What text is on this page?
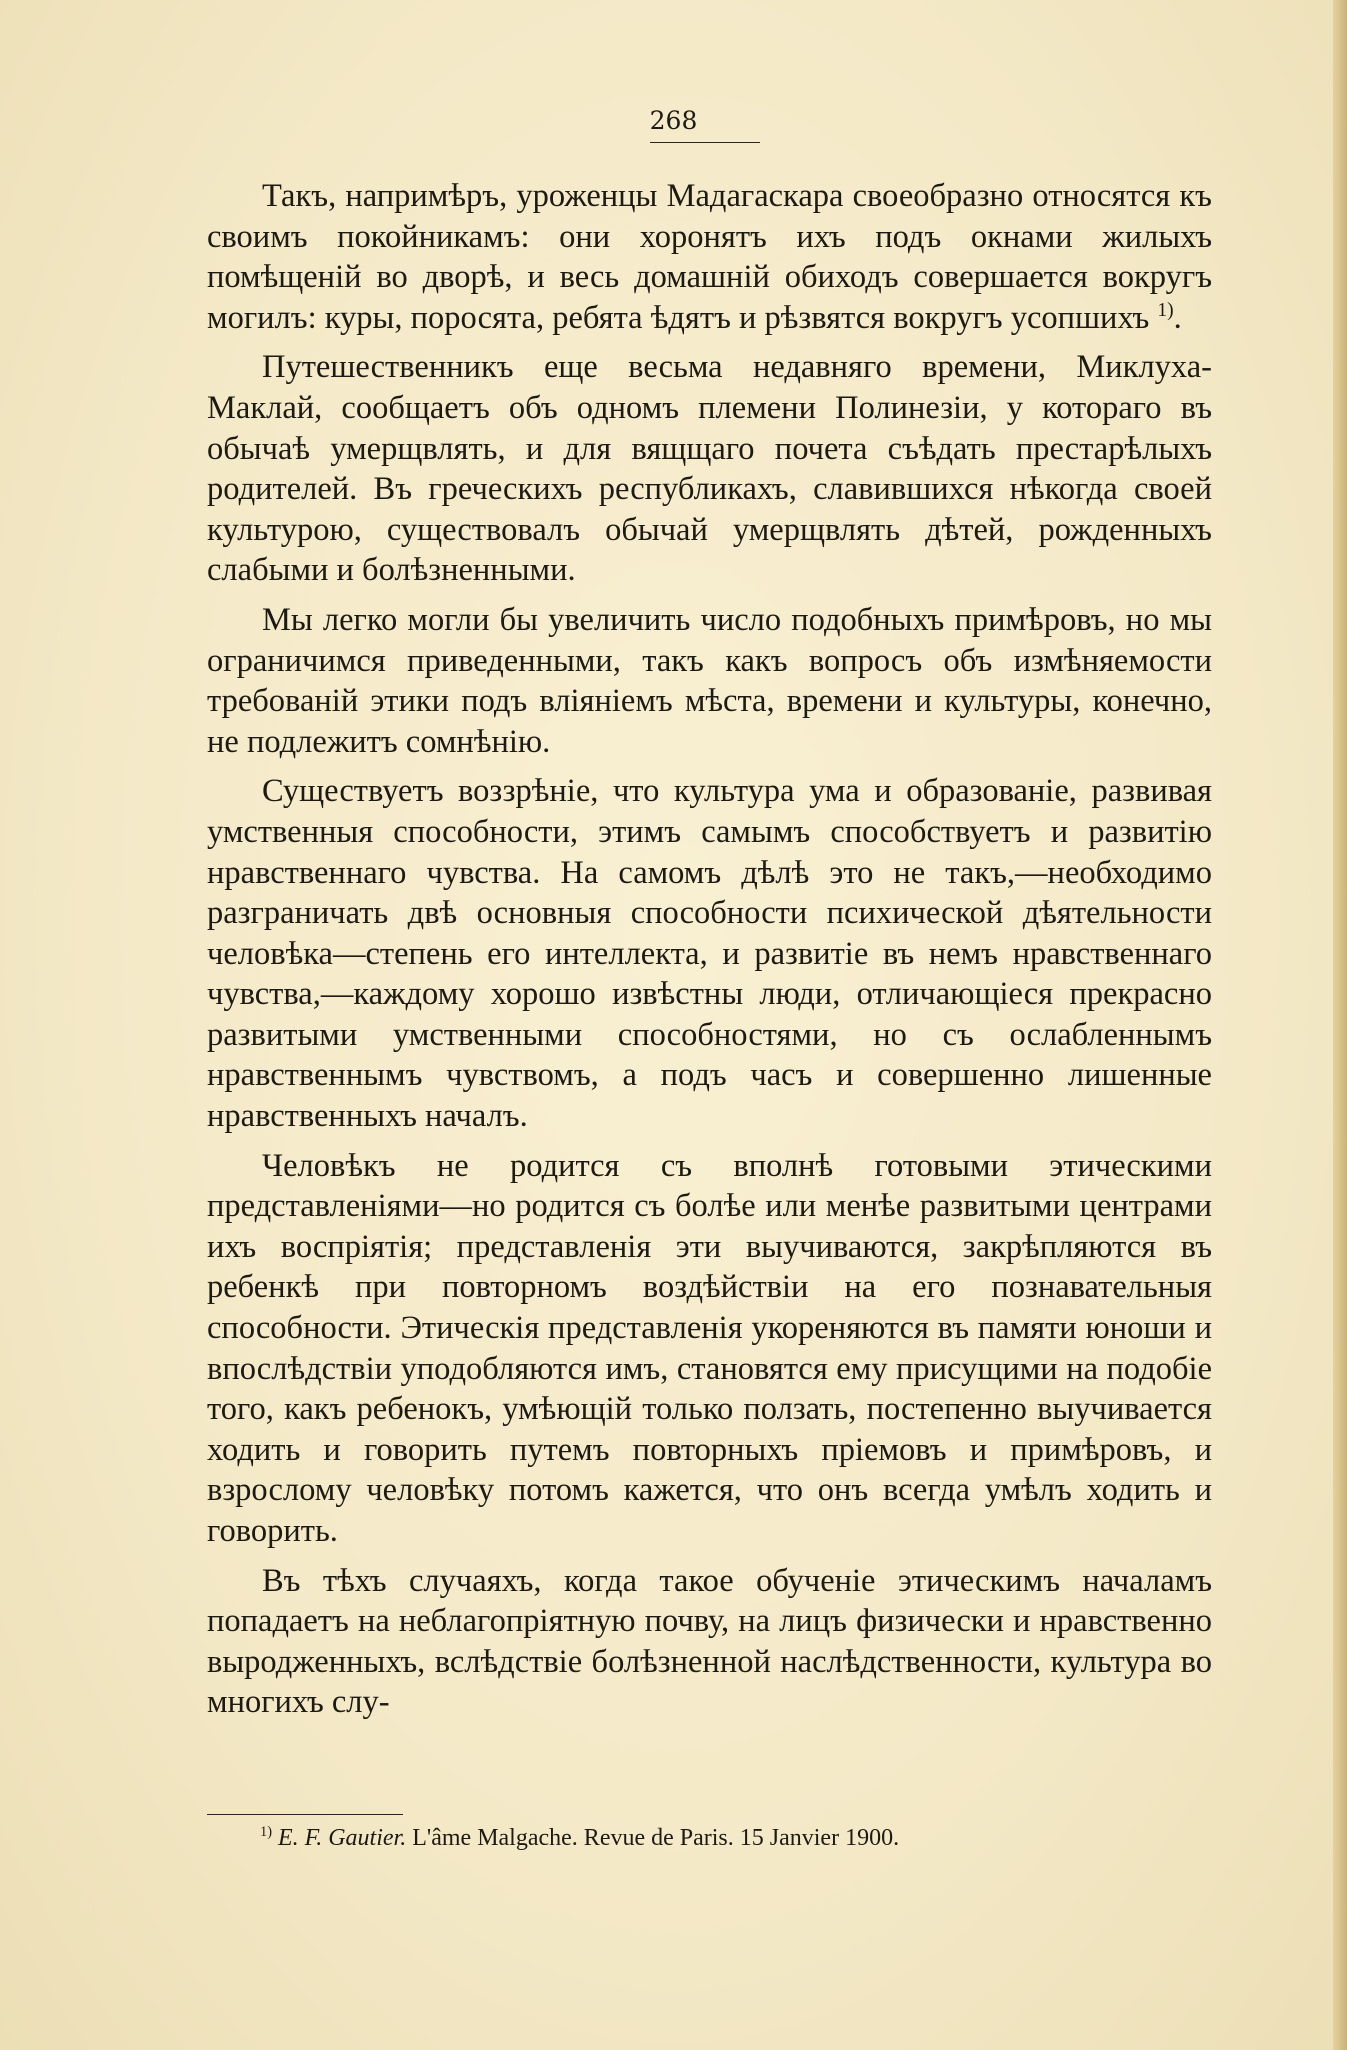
268

Такъ, напримѣръ, уроженцы Мадагаскара своеобразно относятся къ своимъ покойникамъ: они хоронятъ ихъ подъ окнами жилыхъ помѣщеній во дворѣ, и весь домашній обиходъ совершается вокругъ могилъ: куры, поросята, ребята ѣдятъ и рѣзвятся вокругъ усопшихъ $^{1)}$.

Путешественникъ еще весьма недавняго времени, Миклуха-Маклай, сообщаетъ объ одномъ племени Полинезіи, у котораго въ обычаѣ умерщвлять, и для вящщаго почета съѣдать престарѣлыхъ родителей. Въ греческихъ республикахъ, славившихся нѣкогда своей культурою, существовалъ обычай умерщвлять дѣтей, рожденныхъ слабыми и болѣзненными.

Мы легко могли бы увеличить число подобныхъ примѣровъ, но мы ограничимся приведенными, такъ какъ вопросъ объ измѣняемости требованій этики подъ вліяніемъ мѣста, времени и культуры, конечно, не подлежитъ сомнѣнію.

Существуетъ воззрѣніе, что культура ума и образованіе, развивая умственныя способности, этимъ самымъ способствуетъ и развитію нравственнаго чувства. На самомъ дѣлѣ это не такъ,—необходимо разграничать двѣ основныя способности психической дѣятельности человѣка—степень его интеллекта, и развитіе въ немъ нравственнаго чувства,—каждому хорошо извѣстны люди, отличающіеся прекрасно развитыми умственными способностями, но съ ослабленнымъ нравственнымъ чувствомъ, а подъ часъ и совершенно лишенные нравственныхъ началъ.

Человѣкъ не родится съ вполнѣ готовыми этическими представленіями—но родится съ болѣе или менѣе развитыми центрами ихъ воспріятія; представленія эти выучиваются, закрѣпляются въ ребенкѣ при повторномъ воздѣйствіи на его познавательныя способности. Этическія представленія укореняются въ памяти юноши и впослѣдствіи уподобляются имъ, становятся ему присущими на подобіе того, какъ ребенокъ, умѣющій только ползать, постепенно выучивается ходить и говорить путемъ повторныхъ пріемовъ и примѣровъ, и взрослому человѣку потомъ кажется, что онъ всегда умѣлъ ходить и говорить.

Въ тѣхъ случаяхъ, когда такое обученіе этическимъ началамъ попадаетъ на неблагопріятную почву, на лицъ физически и нравственно выродженныхъ, вслѣдствіе болѣзненной наслѣдственности, культура во многихъ слу-

$^{1)}$ E. F. Gautier. L'âme Malgache. Revue de Paris. 15 Janvier 1900.
